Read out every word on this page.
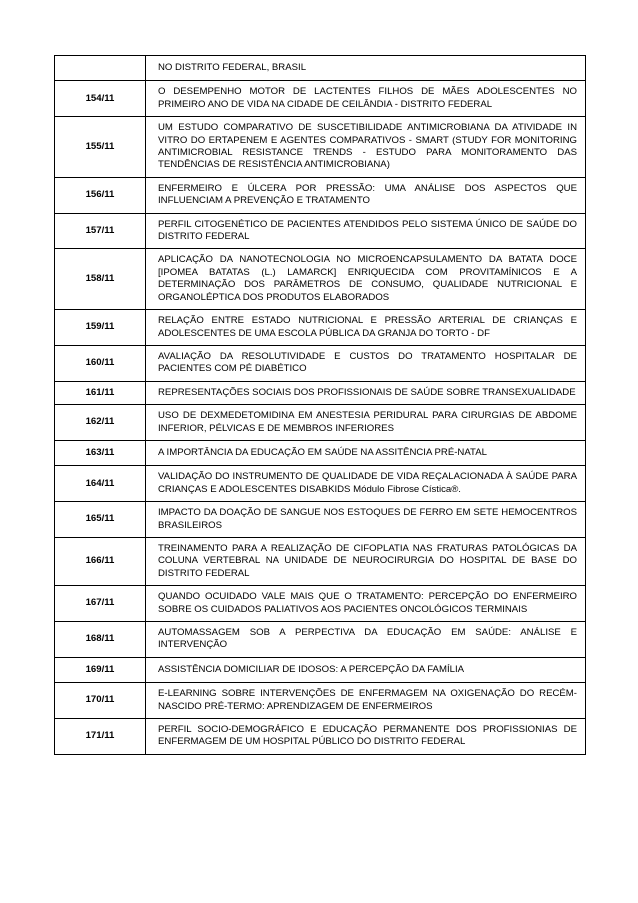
	NO DISTRITO FEDERAL, BRASIL
154/11	O DESEMPENHO MOTOR DE LACTENTES FILHOS DE MÃES ADOLESCENTES NO PRIMEIRO ANO DE VIDA NA CIDADE DE CEILÂNDIA - DISTRITO FEDERAL
155/11	UM ESTUDO COMPARATIVO DE SUSCETIBILIDADE ANTIMICROBIANA DA ATIVIDADE IN VITRO DO ERTAPENEM E AGENTES COMPARATIVOS - SMART (STUDY FOR MONITORING ANTIMICROBIAL RESISTANCE TRENDS - ESTUDO PARA MONITORAMENTO DAS TENDÊNCIAS DE RESISTÊNCIA ANTIMICROBIANA)
156/11	ENFERMEIRO E ÚLCERA POR PRESSÃO: UMA ANÁLISE DOS ASPECTOS QUE INFLUENCIAM A PREVENÇÃO E TRATAMENTO
157/11	PERFIL CITOGENÉTICO DE PACIENTES ATENDIDOS PELO SISTEMA ÚNICO DE SAÚDE DO DISTRITO FEDERAL
158/11	APLICAÇÃO DA NANOTECNOLOGIA NO MICROENCAPSULAMENTO DA BATATA DOCE [IPOMEA BATATAS (L.) LAMARCK] ENRIQUECIDA COM PROVITAMÍNICOS E A DETERMINAÇÃO DOS PARÂMETROS DE CONSUMO, QUALIDADE NUTRICIONAL E ORGANOLÉPTICA DOS PRODUTOS ELABORADOS
159/11	RELAÇÃO ENTRE ESTADO NUTRICIONAL E PRESSÃO ARTERIAL DE CRIANÇAS E ADOLESCENTES DE UMA ESCOLA PÚBLICA DA GRANJA DO TORTO - DF
160/11	AVALIAÇÃO DA RESOLUTIVIDADE E CUSTOS DO TRATAMENTO HOSPITALAR DE PACIENTES COM PÉ DIABÉTICO
161/11	REPRESENTAÇÕES SOCIAIS DOS PROFISSIONAIS DE SAÚDE SOBRE TRANSEXUALIDADE
162/11	USO DE DEXMEDETOMIDINA EM ANESTESIA PERIDURAL PARA CIRURGIAS DE ABDOME INFERIOR, PÉLVICAS E DE MEMBROS INFERIORES
163/11	A IMPORTÂNCIA DA EDUCAÇÃO EM SAÚDE NA ASSITÊNCIA PRÉ-NATAL
164/11	VALIDAÇÃO DO INSTRUMENTO DE QUALIDADE DE VIDA REÇALACIONADA À SAÚDE PARA CRIANÇAS E ADOLESCENTES DISABKIDS Módulo Fibrose Cística®.
165/11	IMPACTO DA DOAÇÃO DE SANGUE NOS ESTOQUES DE FERRO EM SETE HEMOCENTROS BRASILEIROS
166/11	TREINAMENTO PARA A REALIZAÇÃO DE CIFOPLATIA NAS FRATURAS PATOLÓGICAS DA COLUNA VERTEBRAL NA UNIDADE DE NEUROCIRURGIA DO HOSPITAL DE BASE DO DISTRITO FEDERAL
167/11	QUANDO OCUIDADO VALE MAIS QUE O TRATAMENTO: PERCEPÇÃO DO ENFERMEIRO SOBRE OS CUIDADOS PALIATIVOS AOS PACIENTES ONCOLÓGICOS TERMINAIS
168/11	AUTOMASSAGEM SOB A PERPECTIVA DA EDUCAÇÃO EM SAÚDE: ANÁLISE E INTERVENÇÃO
169/11	ASSISTÊNCIA DOMICILIAR DE IDOSOS: A PERCEPÇÃO DA FAMÍLIA
170/11	E-LEARNING SOBRE INTERVENÇÕES DE ENFERMAGEM NA OXIGENAÇÃO DO RECÉM-NASCIDO PRÉ-TERMO: APRENDIZAGEM DE ENFERMEIROS
171/11	PERFIL SOCIO-DEMOGRÁFICO E EDUCAÇÃO PERMANENTE DOS PROFISSIONIAS DE ENFERMAGEM DE UM HOSPITAL PÚBLICO DO DISTRITO FEDERAL
